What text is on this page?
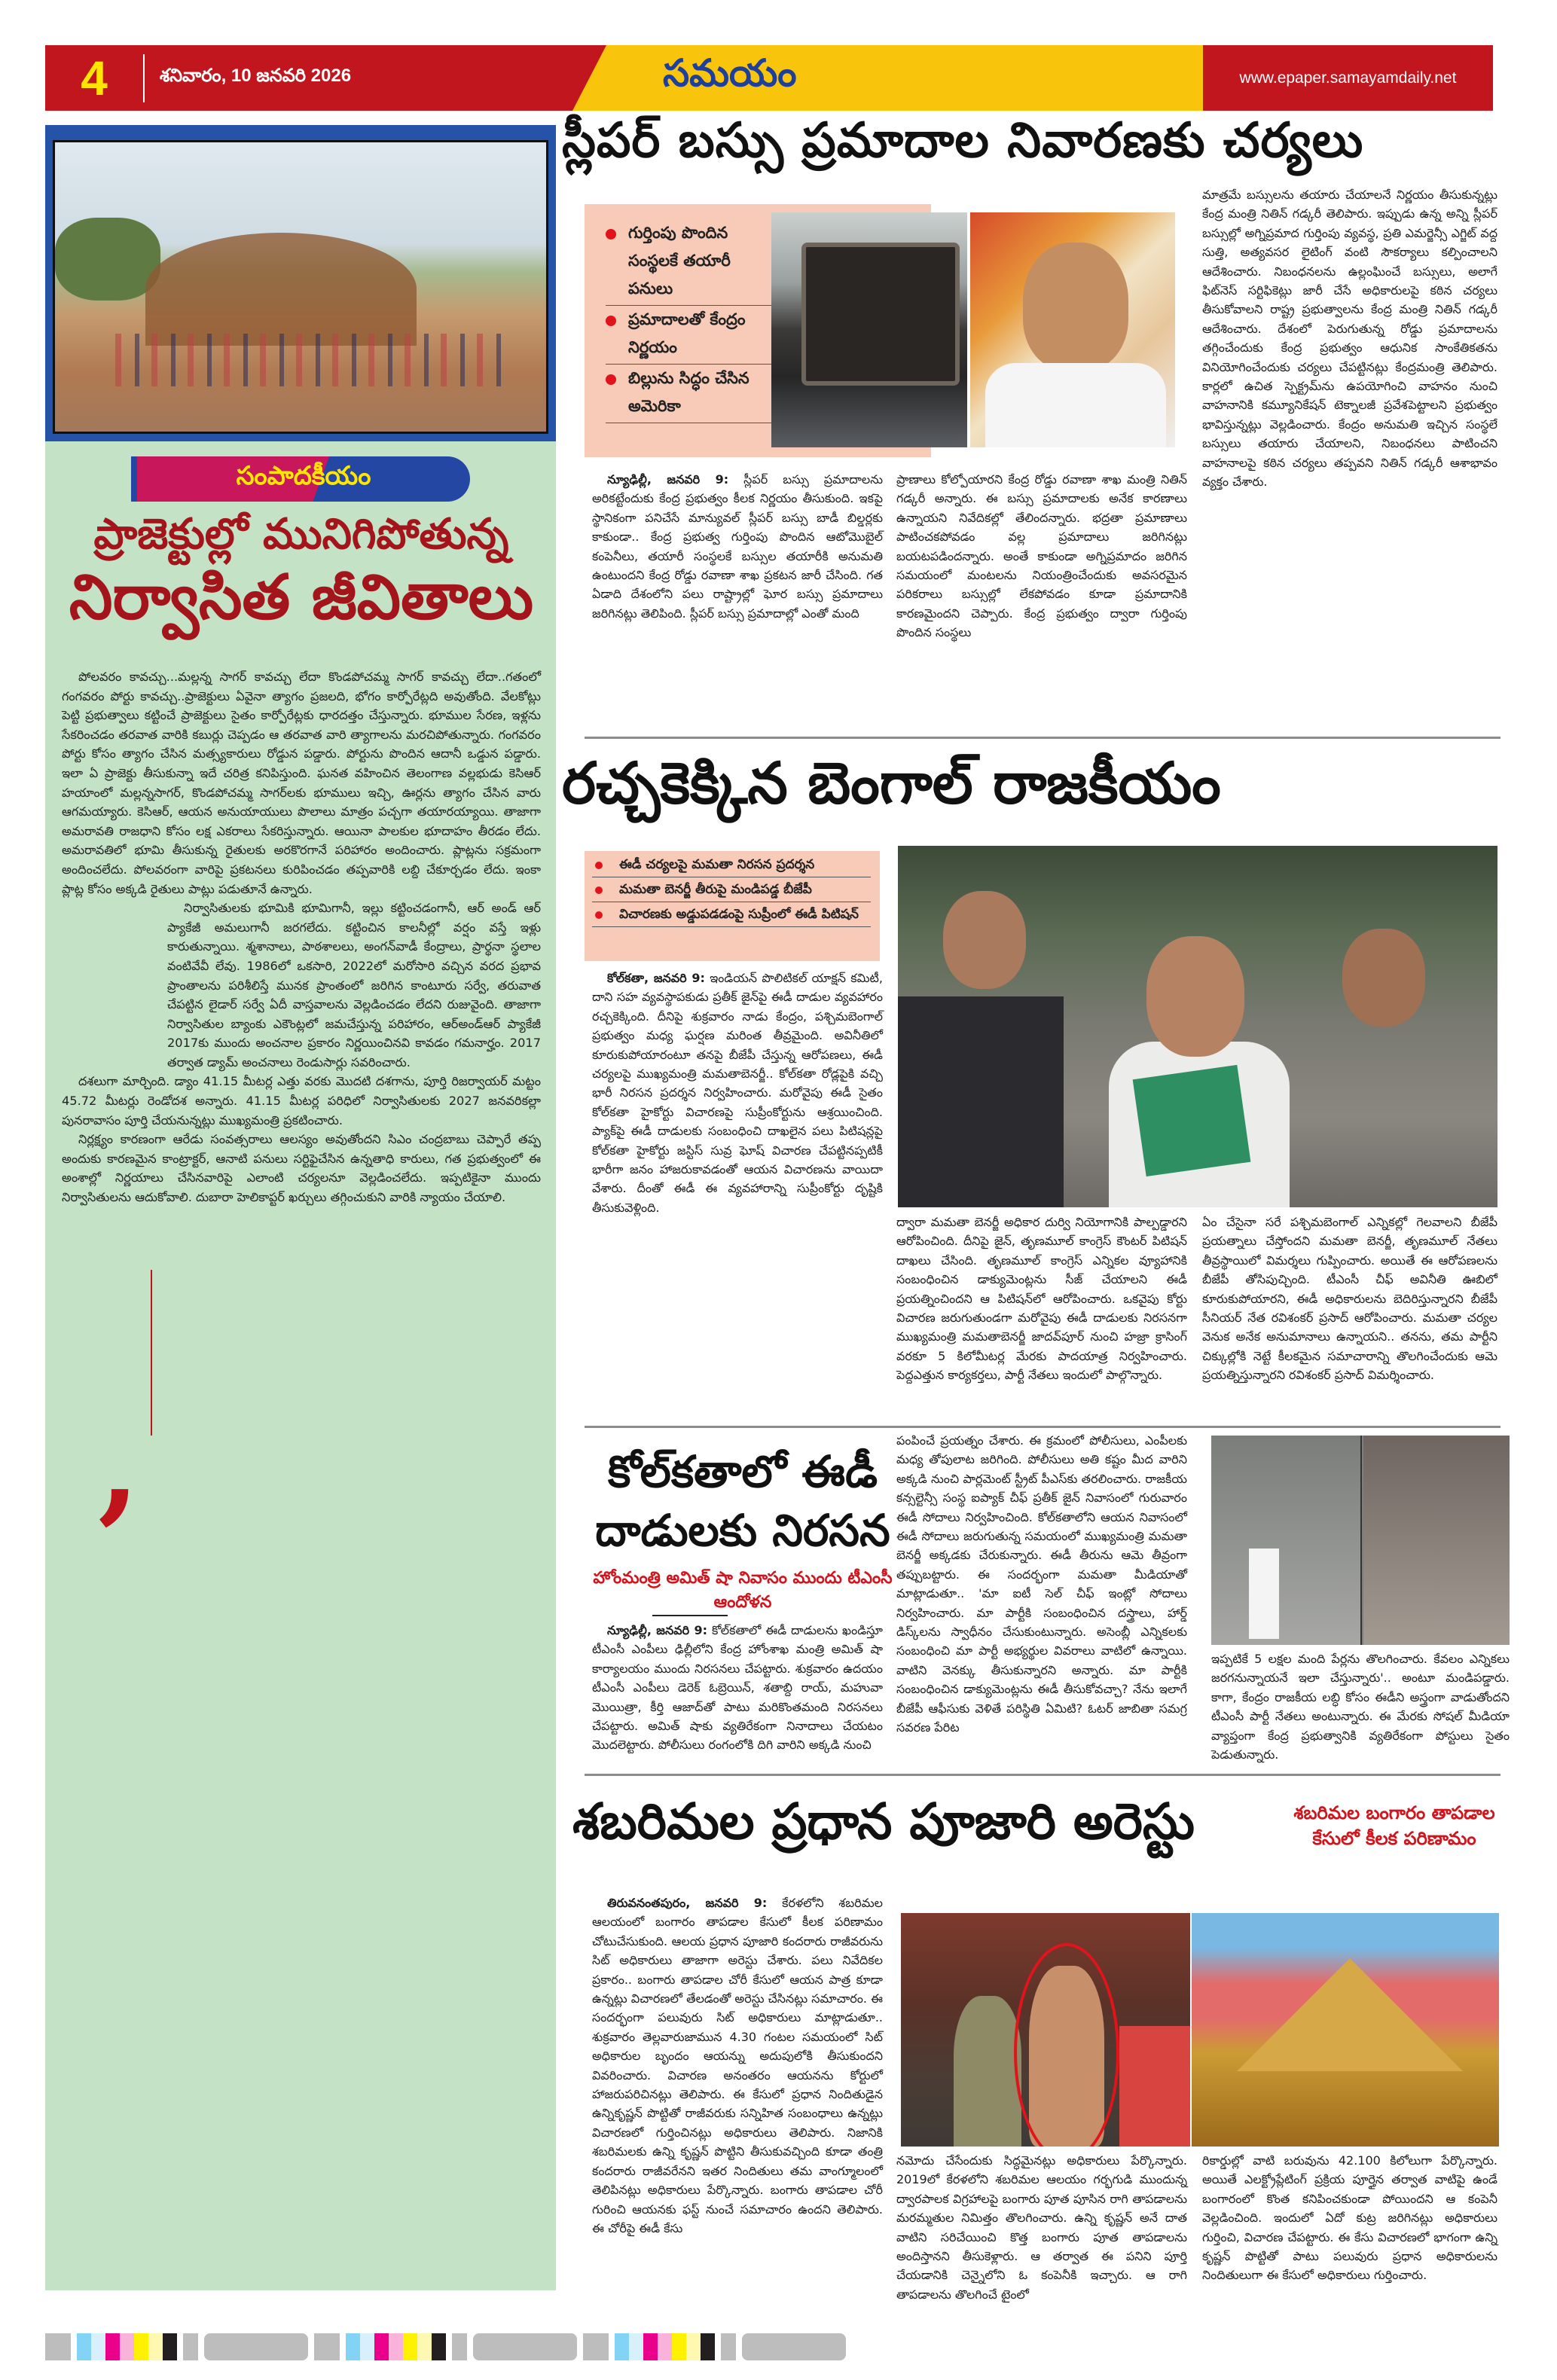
4	శనివారం, 10 జనవరి 2026	సమయం	www.epaper.samayamdaily.net
సంపాదకీయం
ప్రాజెక్టుల్లో మునిగిపోతున్న
నిర్వాసిత జీవితాలు

పోలవరం కావచ్చు...మల్లన్న సాగర్ కావచ్చు లేదా కొండపోచమ్మ సాగర్ కావచ్చు లేదా..గతంలో గంగవరం పోర్టు కావచ్చు..ప్రాజెక్టులు ఏవైనా త్యాగం ప్రజలది, భోగం కార్పోరేట్లది అవుతోంది. వేలకోట్లు పెట్టి ప్రభుత్వాలు కట్టించే ప్రాజెక్టులు సైతం కార్పోరేట్లకు ధారదత్తం చేస్తున్నారు. భూముల సేరణ, ఇళ్లను సేకరించడం తరవాత వారికి కబుర్లు చెప్పడం ఆ తరవాత వారి త్యాగాలను మరచిపోతున్నారు. గంగవరం పోర్టు కోసం త్యాగం చేసిన మత్స్యకారులు రోడ్డున పడ్డారు. పోర్టును పొందిన ఆదానీ ఒడ్డున పడ్డారు. ఇలా ఏ ప్రాజెక్టు తీసుకున్నా ఇదే చరిత్ర కనిపిస్తుంది. ఘనత వహించిన తెలంగాణ వల్లభుడు కెసిఆర్ హయాంలో మల్లన్నసాగర్, కొండపోచమ్మ సాగర్‌లకు భూములు ఇచ్చి, ఊర్లను త్యాగం చేసిన వారు ఆగమయ్యారు. కెసిఆర్, ఆయన అనుయాయులు పొలాలు మాత్రం పచ్చగా తయారయ్యాయి. తాజాగా అమరావతి రాజధాని కోసం లక్ష ఎకరాలు సేకరిస్తున్నారు. ఆయినా పాలకుల భూదాహం తీరడం లేదు. అమరావతిలో భూమి తీసుకున్న రైతులకు అరకొరగానే పరిహారం అందించారు. ప్లాట్లను సక్రమంగా అందించలేదు. పోలవరంగా వారిపై ప్రకటనలు కురిపించడం తప్పవారికి లబ్ది చేకూర్చడం లేదు. ఇంకా ప్లాట్ల కోసం అక్కడి రైతులు పాట్లు పడుతూనే ఉన్నారు.

నిర్వాసితులకు భూమికి భూమిగానీ, ఇల్లు కట్టించడంగానీ, ఆర్ అండ్ ఆర్ ప్యాకేజీ అమలుగానీ జరగలేదు. కట్టించిన కాలనీల్లో వర్షం వస్తే ఇళ్లు కారుతున్నాయి. శ్మశానాలు, పాఠశాలలు, అంగన్‌వాడీ కేంద్రాలు, ప్రార్థనా స్థలాల వంటివేవీ లేవు. 1986లో ఒకసారి, 2022లో మరోసారి వచ్చిన వరద ప్రభావ ప్రాంతాలను పరిశీలిస్తే మునక ప్రాంతంలో జరిగిన కాంటూరు సర్వే, తరువాత చేపట్టిన లైడార్ సర్వే ఏదీ వాస్తవాలను వెల్లడించడం లేదని రుజువైంది. తాజాగా నిర్వాసితుల బ్యాంకు ఎకౌంట్లలో జమచేస్తున్న పరిహారం, ఆర్‌అండ్‌ఆర్ ప్యాకేజీ 2017కు ముందు అంచనాల ప్రకారం నిర్ణయించినవి కావడం గమనార్హం. 2017 తర్వాత డ్యామ్ అంచనాలు రెండుసార్లు సవరించారు.

దశలుగా మార్చింది. డ్యాం 41.15 మీటర్ల ఎత్తు వరకు మొదటి దశగాను, పూర్తి రిజర్వాయర్ మట్టం 45.72 మీటర్లు రెండోదశ అన్నారు. 41.15 మీటర్ల పరిధిలో నిర్వాసితులకు 2027 జనవరికల్లా పునరావాసం పూర్తి చేయనున్నట్లు ముఖ్యమంత్రి ప్రకటించారు.

నిర్లక్ష్యం కారణంగా ఆరేడు సంవత్సరాలు ఆలస్యం అవుతోందని సిఎం చంద్రబాబు చెప్పారే తప్ప అందుకు కారణమైన కాంట్రాక్టర్, ఆనాటి పనులు సర్టిఫైచేసిన ఉన్నతాధి కారులు, గత ప్రభుత్వంలో ఈ అంశాల్లో నిర్ణయాలు చేసినవారిపై ఎలాంటి చర్యలనూ వెల్లడించలేదు. ఇప్పటికైనా ముందు నిర్వాసితులను ఆదుకోవాలి. దుబారా హెలికాప్టర్ ఖర్చులు తగ్గించుకుని వారికి న్యాయం చేయాలి.

,
స్లీపర్ బస్సు ప్రమాదాల నివారణకు చర్యలు
గుర్తింపు పొందిన సంస్థలకే తయారీ పనులు
ప్రమాదాలతో కేంద్రం నిర్ణయం
బిల్లును సిద్ధం చేసిన అమెరికా

న్యూఢిల్లీ, జనవరి 9: స్లీపర్ బస్సు ప్రమాదాలను అరికట్టేందుకు కేంద్ర ప్రభుత్వం కీలక నిర్ణయం తీసుకుంది. ఇకపై స్థానికంగా పనిచేసే మాన్యువల్ స్లీపర్ బస్సు బాడీ బిల్డర్లకు కాకుండా.. కేంద్ర ప్రభుత్వ గుర్తింపు పొందిన ఆటోమొబైల్ కంపెనీలు, తయారీ సంస్థలకే బస్సుల తయారీకి అనుమతి ఉంటుందని కేంద్ర రోడ్డు రవాణా శాఖ ప్రకటన జారీ చేసింది. గత ఏడాది దేశంలోని పలు రాష్ట్రాల్లో ఘోర బస్సు ప్రమాదాలు జరిగినట్లు తెలిపింది. స్లీపర్ బస్సు ప్రమాదాల్లో ఎంతో మంది

ప్రాణాలు కోల్పోయారని కేంద్ర రోడ్డు రవాణా శాఖ మంత్రి నితిన్ గడ్కరీ అన్నారు. ఈ బస్సు ప్రమాదాలకు అనేక కారణాలు ఉన్నాయని నివేదికల్లో తేలిందన్నారు. భద్రతా ప్రమాణాలు పాటించకపోవడం వల్ల ప్రమాదాలు జరిగినట్లు బయటపడిందన్నారు. అంతే కాకుండా అగ్నిప్రమాదం జరిగిన సమయంలో మంటలను నియంత్రించేందుకు అవసరమైన పరికరాలు బస్సుల్లో లేకపోవడం కూడా ప్రమాదానికి కారణమైందని చెప్పారు. కేంద్ర ప్రభుత్వం ద్వారా గుర్తింపు పొందిన సంస్థలు
మాత్రమే బస్సులను తయారు చేయాలనే నిర్ణయం తీసుకున్నట్లు కేంద్ర మంత్రి నితిన్ గడ్కరీ తెలిపారు. ఇప్పుడు ఉన్న అన్ని స్లీపర్ బస్సుల్లో అగ్నిప్రమాద గుర్తింపు వ్యవస్థ, ప్రతి ఎమర్జెన్సీ ఎగ్జిట్ వద్ద సుత్తి, అత్యవసర లైటింగ్ వంటి సౌకర్యాలు కల్పించాలని ఆదేశించారు. నిబంధనలను ఉల్లంఘించే బస్సులు, అలాగే ఫిట్‌నెస్ సర్టిఫికెట్లు జారీ చేసే అధికారులపై కఠిన చర్యలు తీసుకోవాలని రాష్ట్ర ప్రభుత్వాలను కేంద్ర మంత్రి నితిన్ గడ్కరీ ఆదేశించారు. దేశంలో పెరుగుతున్న రోడ్డు ప్రమాదాలను తగ్గించేందుకు కేంద్ర ప్రభుత్వం ఆధునిక సాంకేతికతను వినియోగించేందుకు చర్యలు చేపట్టినట్లు కేంద్రమంత్రి తెలిపారు. కార్లలో ఉచిత స్పెక్ట్రమ్‌ను ఉపయోగించి వాహనం నుంచి వాహనానికి కమ్యూనికేషన్ టెక్నాలజీ ప్రవేశపెట్టాలని ప్రభుత్వం భావిస్తున్నట్లు వెల్లడించారు. కేంద్రం అనుమతి ఇచ్చిన సంస్థలే బస్సులు తయారు చేయాలని, నిబంధనలు పాటించని వాహనాలపై కఠిన చర్యలు తప్పవని నితిన్ గడ్కరీ ఆశాభావం వ్యక్తం చేశారు.
రచ్చకెక్కిన బెంగాల్ రాజకీయం
ఈడీ చర్యలపై మమతా నిరసన ప్రదర్శన
మమతా బెనర్జీ తీరుపై మండిపడ్డ బీజేపీ
విచారణకు అడ్డుపడడంపై సుప్రీంలో ఈడీ పిటిషన్

కోల్‌కతా, జనవరి 9: ఇండియన్ పొలిటికల్ యాక్షన్ కమిటీ, దాని సహ వ్యవస్థాపకుడు ప్రతీక్ జైన్‌పై ఈడీ దాడుల వ్యవహారం రచ్చకెక్కింది. దీనిపై శుక్రవారం నాడు కేంద్రం, పశ్చిమబెంగాల్ ప్రభుత్వం మధ్య ఘర్షణ మరింత తీవ్రమైంది. అవినీతిలో కూరుకుపోయారంటూ తనపై బీజేపీ చేస్తున్న ఆరోపణలు, ఈడీ చర్యలపై ముఖ్యమంత్రి మమతాబెనర్జీ.. కోల్‌కతా రోడ్లపైకి వచ్చి భారీ నిరసన ప్రదర్శన నిర్వహించారు. మరోవైపు ఈడీ సైతం కోల్‌కతా హైకోర్టు విచారణపై సుప్రీంకోర్టును ఆశ్రయించింది. ప్యాక్‌పై ఈడీ దాడులకు సంబంధించి దాఖలైన పలు పిటిషన్లపై కోల్‌కతా హైకోర్టు జస్టిస్ సువ్ర ఘోష్ విచారణ చేపట్టినప్పటికీ భారీగా జనం హాజరుకావడంతో ఆయన విచారణను వాయిదా వేశారు. దీంతో ఈడీ ఈ వ్యవహారాన్ని సుప్రీంకోర్టు దృష్టికి తీసుకువెళ్లింది.

ద్వారా మమతా బెనర్జీ అధికార దుర్వి నియోగానికి పాల్పడ్డారని ఆరోపించింది. దీనిపై జైన్, తృణమూల్ కాంగ్రెస్ కౌంటర్ పిటిషన్ దాఖలు చేసింది. తృణమూల్ కాంగ్రెస్ ఎన్నికల వ్యూహానికి సంబంధించిన డాక్యుమెంట్లను సీజ్ చేయాలని ఈడీ ప్రయత్నించిందని ఆ పిటిషన్‌లో ఆరోపించారు. ఒకవైపు కోర్టు విచారణ జరుగుతుండగా మరోవైపు ఈడీ దాడులకు నిరసనగా ముఖ్యమంత్రి మమతాబెనర్జీ జాదవ్‌పూర్ నుంచి హజ్రా క్రాసింగ్ వరకూ 5 కిలోమీటర్ల మేరకు పాదయాత్ర నిర్వహించారు. పెద్దఎత్తున కార్యకర్తలు, పార్టీ నేతలు ఇందులో పాల్గొన్నారు.
ఏం చేసైనా సరే పశ్చిమబెంగాల్ ఎన్నికల్లో గెలవాలని బీజేపీ ప్రయత్నాలు చేస్తోందని మమతా బెనర్జీ, తృణమూల్ నేతలు తీవ్రస్థాయిలో విమర్శలు గుప్పించారు. అయితే ఈ ఆరోపణలను బీజేపీ తోసిపుచ్చింది. టీఎంసీ చీఫ్ అవినీతి ఊబిలో కూరుకుపోయారని, ఈడీ అధికారులను బెదిరిస్తున్నారని బీజేపీ సీనియర్ నేత రవిశంకర్ ప్రసాద్ ఆరోపించారు. మమతా చర్యల వెనుక అనేక అనుమానాలు ఉన్నాయని.. తనను, తమ పార్టీని చిక్కుల్లోకి నెట్టే కీలకమైన సమాచారాన్ని తొలగించేందుకు ఆమె ప్రయత్నిస్తున్నారని రవిశంకర్ ప్రసాద్ విమర్శించారు.
కోల్‌కతాలో ఈడీ దాడులకు నిరసన
హోంమంత్రి అమిత్ షా నివాసం ముందు టీఎంసీ ఆందోళన

న్యూఢిల్లీ, జనవరి 9: కోల్‌కతాలో ఈడీ దాడులను ఖండిస్తూ టీఎంసీ ఎంపీలు ఢిల్లీలోని కేంద్ర హోంశాఖ మంత్రి అమిత్ షా కార్యాలయం ముందు నిరసనలు చేపట్టారు. శుక్రవారం ఉదయం టీఎంసీ ఎంపీలు డెరెక్ ఓబ్రెయిన్, శతాబ్ది రాయ్, మహువా మొయిత్రా, కీర్తి ఆజాద్‌తో పాటు మరికొంతమంది నిరసనలు చేపట్టారు. అమిత్ షాకు వ్యతిరేకంగా నినాదాలు చేయటం మొదలెట్టారు. పోలీసులు రంగంలోకి దిగి వారిని అక్కడి నుంచి

పంపించే ప్రయత్నం చేశారు. ఈ క్రమంలో పోలీసులు, ఎంపీలకు మధ్య తోపులాట జరిగింది. పోలీసులు అతి కష్టం మీద వారిని అక్కడి నుంచి పార్లమెంట్ స్ట్రీట్ పీఎస్‌కు తరలించారు. రాజకీయ కన్సల్టెన్సీ సంస్థ ఐప్యాక్ చీఫ్ ప్రతీక్ జైన్ నివాసంలో గురువారం ఈడీ సోదాలు నిర్వహించింది. కోల్‌కతాలోని ఆయన నివాసంలో ఈడీ సోదాలు జరుగుతున్న సమయంలో ముఖ్యమంత్రి మమతా బెనర్జీ అక్కడకు చేరుకున్నారు. ఈడీ తీరును ఆమె తీవ్రంగా తప్పుబట్టారు. ఈ సందర్భంగా మమతా మీడియాతో మాట్లాడుతూ.. 'మా ఐటీ సెల్ చీఫ్ ఇంట్లో సోదాలు నిర్వహించారు. మా పార్టీకి సంబంధించిన దస్త్రాలు, హార్డ్ డిస్క్‌లను స్వాధీనం చేసుకుంటున్నారు. అసెంబ్లీ ఎన్నికలకు సంబంధించి మా పార్టీ అభ్యర్థుల వివరాలు వాటిలో ఉన్నాయి. వాటిని వెనక్కు తీసుకున్నారని అన్నారు. మా పార్టీకి సంబంధించిన డాక్యుమెంట్లను ఈడీ తీసుకోవచ్చా? నేను ఇలాగే బీజేపీ ఆఫీసుకు వెళితే పరిస్థితి ఏమిటి? ఓటర్ జాబితా సమగ్ర సవరణ పేరిట
ఇప్పటికే 5 లక్షల మంది పేర్లను తొలగించారు. కేవలం ఎన్నికలు జరగనున్నాయనే ఇలా చేస్తున్నారు'.. అంటూ మండిపడ్డారు. కాగా, కేంద్రం రాజకీయ లబ్ధి కోసం ఈడీని అస్త్రంగా వాడుతోందని టీఎంసీ పార్టీ నేతలు అంటున్నారు. ఈ మేరకు సోషల్ మీడియా వ్యాప్తంగా కేంద్ర ప్రభుత్వానికి వ్యతిరేకంగా పోస్టులు సైతం పెడుతున్నారు.
శబరిమల ప్రధాన పూజారి అరెస్టు	శబరిమల బంగారం తాపడాల కేసులో కీలక పరిణామం

తిరువనంతపురం, జనవరి 9: కేరళలోని శబరిమల ఆలయంలో బంగారం తాపడాల కేసులో కీలక పరిణామం చోటుచేసుకుంది. ఆలయ ప్రధాన పూజారి కందరారు రాజీవరును సిట్ అధికారులు తాజాగా అరెస్టు చేశారు. పలు నివేదికల ప్రకారం.. బంగారు తాపడాల చోరీ కేసులో ఆయన పాత్ర కూడా ఉన్నట్లు విచారణలో తేలడంతో అరెస్టు చేసినట్లు సమాచారం. ఈ సందర్భంగా పలువురు సిట్ అధికారులు మాట్లాడుతూ.. శుక్రవారం తెల్లవారుజామున 4.30 గంటల సమయంలో సిట్ అధికారుల బృందం ఆయన్ను అదుపులోకి తీసుకుందని వివరించారు. విచారణ అనంతరం ఆయనను కోర్టులో హాజరుపరిచినట్లు తెలిపారు. ఈ కేసులో ప్రధాన నిందితుడైన ఉన్నికృష్ణన్ పొట్టితో రాజీవరుకు సన్నిహిత సంబంధాలు ఉన్నట్లు విచారణలో గుర్తించినట్లు అధికారులు తెలిపారు. నిజానికి శబరిమలకు ఉన్ని కృష్ణన్ పొట్టిని తీసుకువచ్చింది కూడా తంత్రి కందరారు రాజీవరేనని ఇతర నిందితులు తమ వాంగ్మూలంలో తెలిపినట్లు అధికారులు పేర్కొన్నారు. బంగారు తాపడాల చోరీ గురించి ఆయనకు ఫస్ట్ నుంచే సమాచారం ఉందని తెలిపారు. ఈ చోరీపై ఈడీ కేసు

నమోదు చేసేందుకు సిద్ధమైనట్లు అధికారులు పేర్కొన్నారు. 2019లో కేరళలోని శబరిమల ఆలయం గర్భగుడి ముందున్న ద్వారపాలక విగ్రహాలపై బంగారు పూత పూసిన రాగి తాపడాలను మరమ్మతుల నిమిత్తం తొలగించారు. ఉన్ని కృష్ణన్ అనే దాత వాటిని సరిచేయించి కొత్త బంగారు పూత తాపడాలను అందిస్తానని తీసుకెళ్లారు. ఆ తర్వాత ఈ పనిని పూర్తి చేయడానికి చెన్నైలోని ఓ కంపెనీకి ఇచ్చారు. ఆ రాగి తాపడాలను తొలగించే టైంలో
రికార్డుల్లో వాటి బరువును 42.100 కిలోలుగా పేర్కొన్నారు. అయితే ఎలక్ట్రోప్లేటింగ్ ప్రక్రియ పూర్తైన తర్వాత వాటిపై ఉండే బంగారంలో కొంత కనిపించకుండా పోయిందని ఆ కంపెనీ వెల్లడించింది. ఇందులో ఏదో కుట్ర జరిగినట్లు అధికారులు గుర్తించి, విచారణ చేపట్టారు. ఈ కేసు విచారణలో భాగంగా ఉన్ని కృష్ణన్ పొట్టితో పాటు పలువురు ప్రధాన అధికారులను నిందితులుగా ఈ కేసులో అధికారులు గుర్తించారు.
